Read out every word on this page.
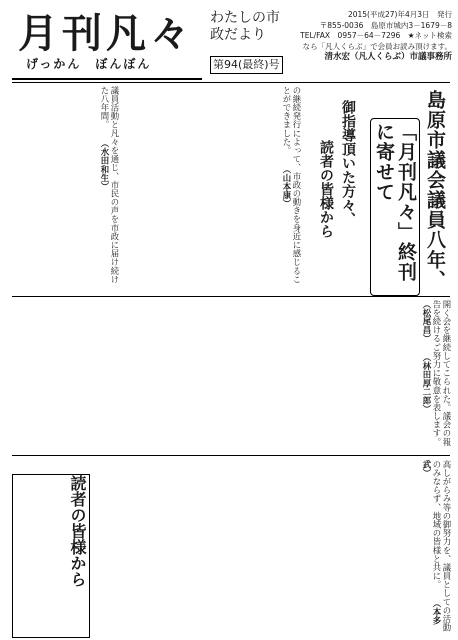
月刊凡々
げっかん　ぼんぼん
わたしの市政だより
第94(最終)号
2015(平成27)年4月3日　発行
〒855-0036　島原市城内3－1679－8
TEL/FAX　0957－64－7296　★ネット検索
なら「凡人くらぶ」で会員お読み頂けます。
清水宏（凡人くらぶ）市議事務所
島原市議会議員八年、
「月刊凡々」終刊に寄せて
御指導頂いた方々、
読者の皆様から
議員活動と凡々を通じ、市民の声を市政に届け続けた八年間。 （水田和生）	の継続発行によって、市政の動きを身近に感じることができました。 （山本康）
開く会を継続してこられた。議会の報告を続けるご努力に敬意を表します。 （松尾昌） （林田厚二郎）
高しがらみ等の御努力を、議員としての活動のみならず、地域の皆様と共に。 （本多武）
読者の皆様から
